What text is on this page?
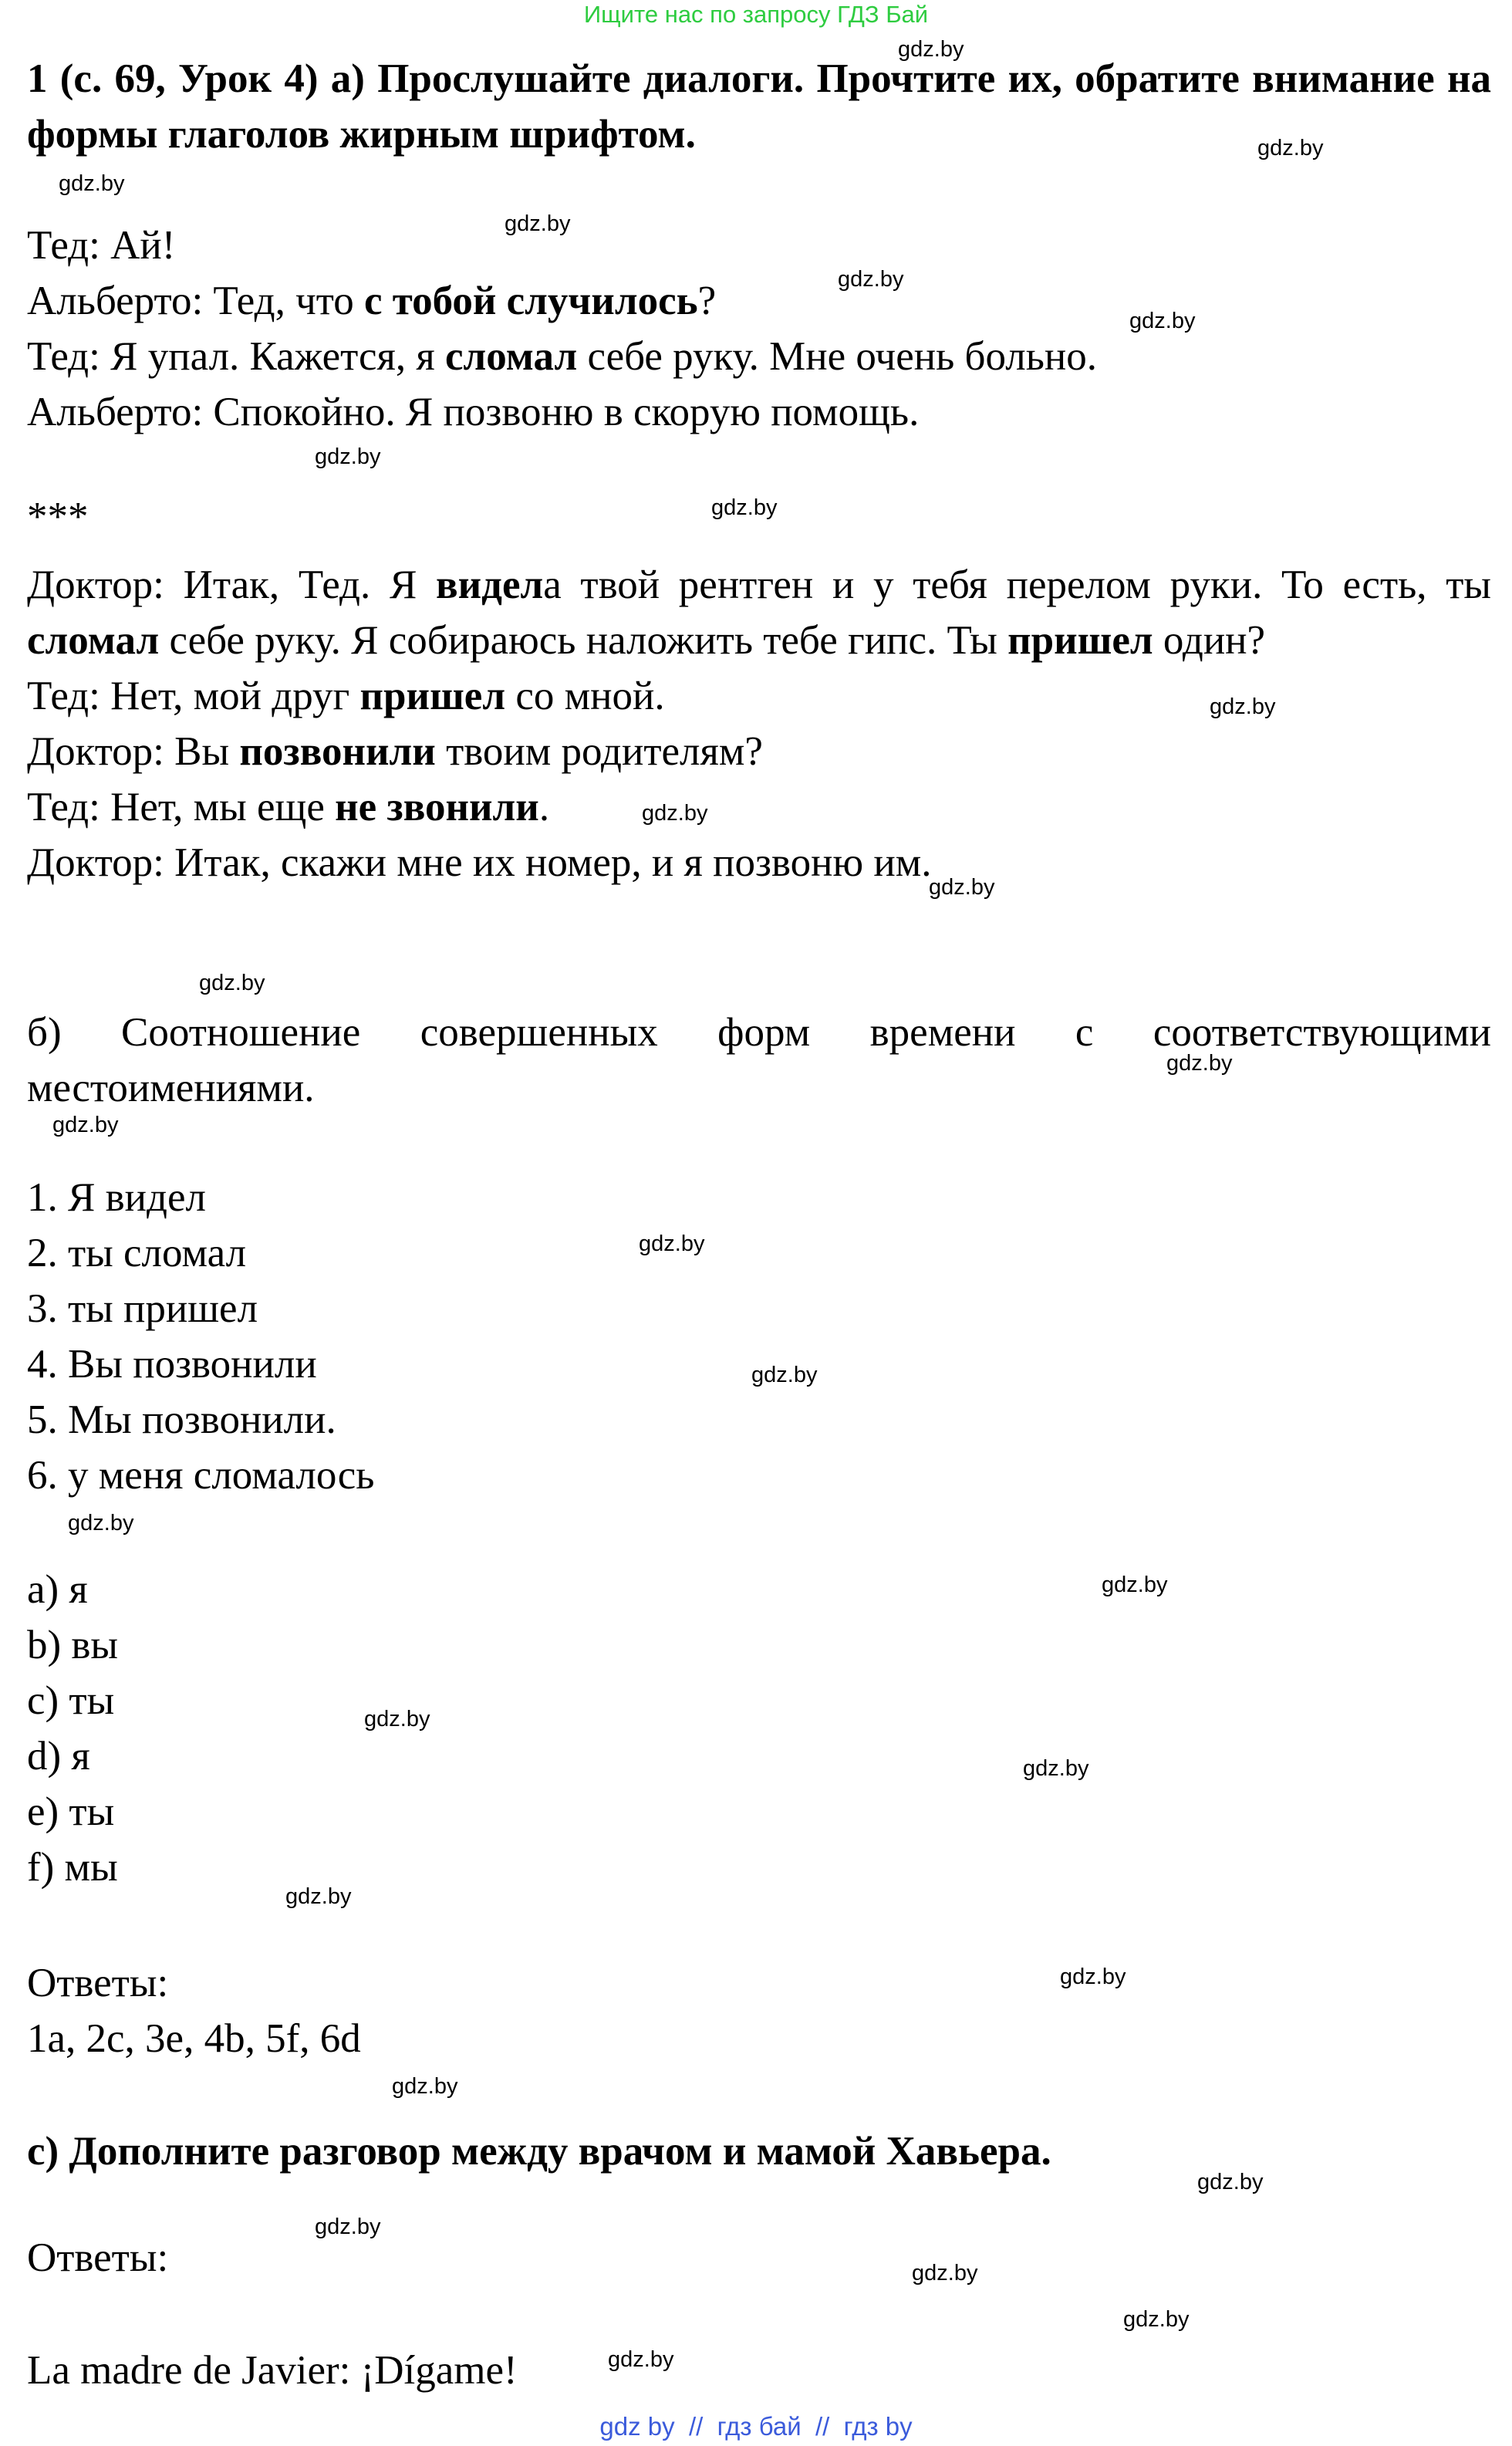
Ищите нас по запросу ГДЗ Бай
1 (с. 69, Урок 4) а) Прослушайте диалоги. Прочтите их, обратите внимание на формы глаголов жирным шрифтом.
Тед: Ай!
Альберто: Тед, что с тобой случилось?
Тед: Я упал. Кажется, я сломал себе руку. Мне очень больно.
Альберто: Спокойно. Я позвоню в скорую помощь.
***
Доктор: Итак, Тед. Я видела твой рентген и у тебя перелом руки. То есть, ты сломал себе руку. Я собираюсь наложить тебе гипс. Ты пришел один?
Тед: Нет, мой друг пришел со мной.
Доктор: Вы позвонили твоим родителям?
Тед: Нет, мы еще не звонили.
Доктор: Итак, скажи мне их номер, и я позвоню им.
б) Соотношение совершенных форм времени с соответствующими местоимениями.
1. Я видел
2. ты сломал
3. ты пришел
4. Вы позвонили
5. Мы позвонили.
6. у меня сломалось
a) я
b) вы
c) ты
d) я
e) ты
f) мы
Ответы:
1a, 2c, 3e, 4b, 5f, 6d
c) Дополните разговор между врачом и мамой Хавьера.
Ответы:
La madre de Javier: ¡Dígame!
gdz.by
gdz.by
gdz.by
gdz.by
gdz.by
gdz.by
gdz.by
gdz.by
gdz.by
gdz.by
gdz.by
gdz.by
gdz.by
gdz.by
gdz.by
gdz.by
gdz.by
gdz.by
gdz.by
gdz.by
gdz.by
gdz.by
gdz.by
gdz.by
gdz.by
gdz.by
gdz.by
gdz.by
gdz by  //  гдз бай  //  гдз by
